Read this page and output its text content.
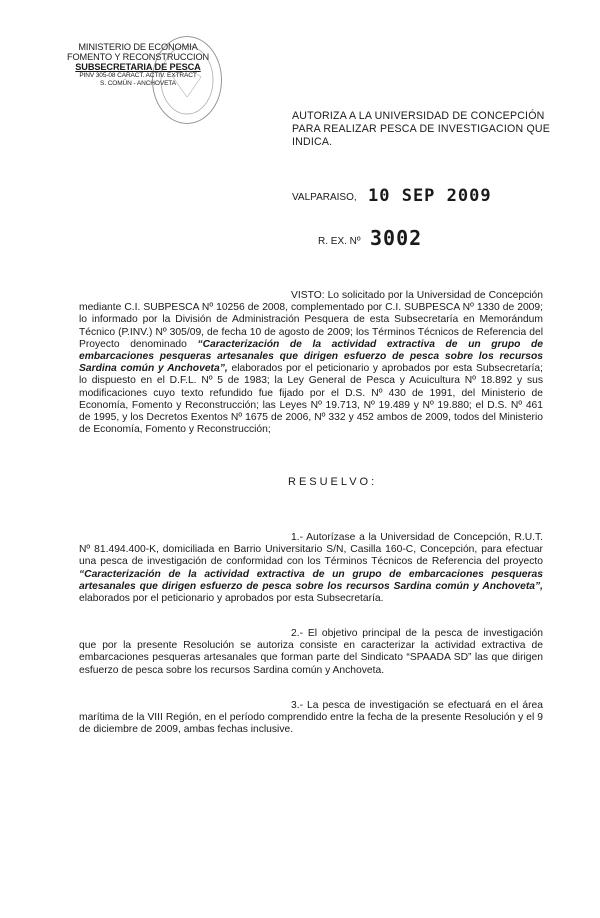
MINISTERIO DE ECONOMIA
FOMENTO Y RECONSTRUCCION
SUBSECRETARIA DE PESCA
PINV 305-08 CARACT. ACTIV. EXTRACT
S. COMÚN - ANCHOVETA
AUTORIZA A LA UNIVERSIDAD DE CONCEPCIÓN
PARA REALIZAR PESCA DE INVESTIGACION QUE
INDICA.
VALPARAISO, 10 SEP 2009
R. EX. Nº 3002
VISTO: Lo solicitado por la Universidad de Concepción mediante C.I. SUBPESCA Nº 10256 de 2008, complementado por C.I. SUBPESCA Nº 1330 de 2009; lo informado por la División de Administración Pesquera de esta Subsecretaría en Memorándum Técnico (P.INV.) Nº 305/09, de fecha 10 de agosto de 2009; los Términos Técnicos de Referencia del Proyecto denominado “Caracterización de la actividad extractiva de un grupo de embarcaciones pesqueras artesanales que dirigen esfuerzo de pesca sobre los recursos Sardina común y Anchoveta”, elaborados por el peticionario y aprobados por esta Subsecretaría; lo dispuesto en el D.F.L. Nº 5 de 1983; la Ley General de Pesca y Acuicultura Nº 18.892 y sus modificaciones cuyo texto refundido fue fijado por el D.S. Nº 430 de 1991, del Ministerio de Economía, Fomento y Reconstrucción; las Leyes Nº 19.713, Nº 19.489 y Nº 19.880; el D.S. Nº 461 de 1995, y los Decretos Exentos Nº 1675 de 2006, Nº 332 y 452 ambos de 2009, todos del Ministerio de Economía, Fomento y Reconstrucción;
RESUELVO:
1.- Autorízase a la Universidad de Concepción, R.U.T. Nº 81.494.400-K, domiciliada en Barrio Universitario S/N, Casilla 160-C, Concepción, para efectuar una pesca de investigación de conformidad con los Términos Técnicos de Referencia del proyecto “Caracterización de la actividad extractiva de un grupo de embarcaciones pesqueras artesanales que dirigen esfuerzo de pesca sobre los recursos Sardina común y Anchoveta”, elaborados por el peticionario y aprobados por esta Subsecretaría.
2.- El objetivo principal de la pesca de investigación que por la presente Resolución se autoriza consiste en caracterizar la actividad extractiva de embarcaciones pesqueras artesanales que forman parte del Sindicato “SPAADA SD” las que dirigen esfuerzo de pesca sobre los recursos Sardina común y Anchoveta.
3.- La pesca de investigación se efectuará en el área marítima de la VIII Región, en el período comprendido entre la fecha de la presente Resolución y el 9 de diciembre de 2009, ambas fechas inclusive.
